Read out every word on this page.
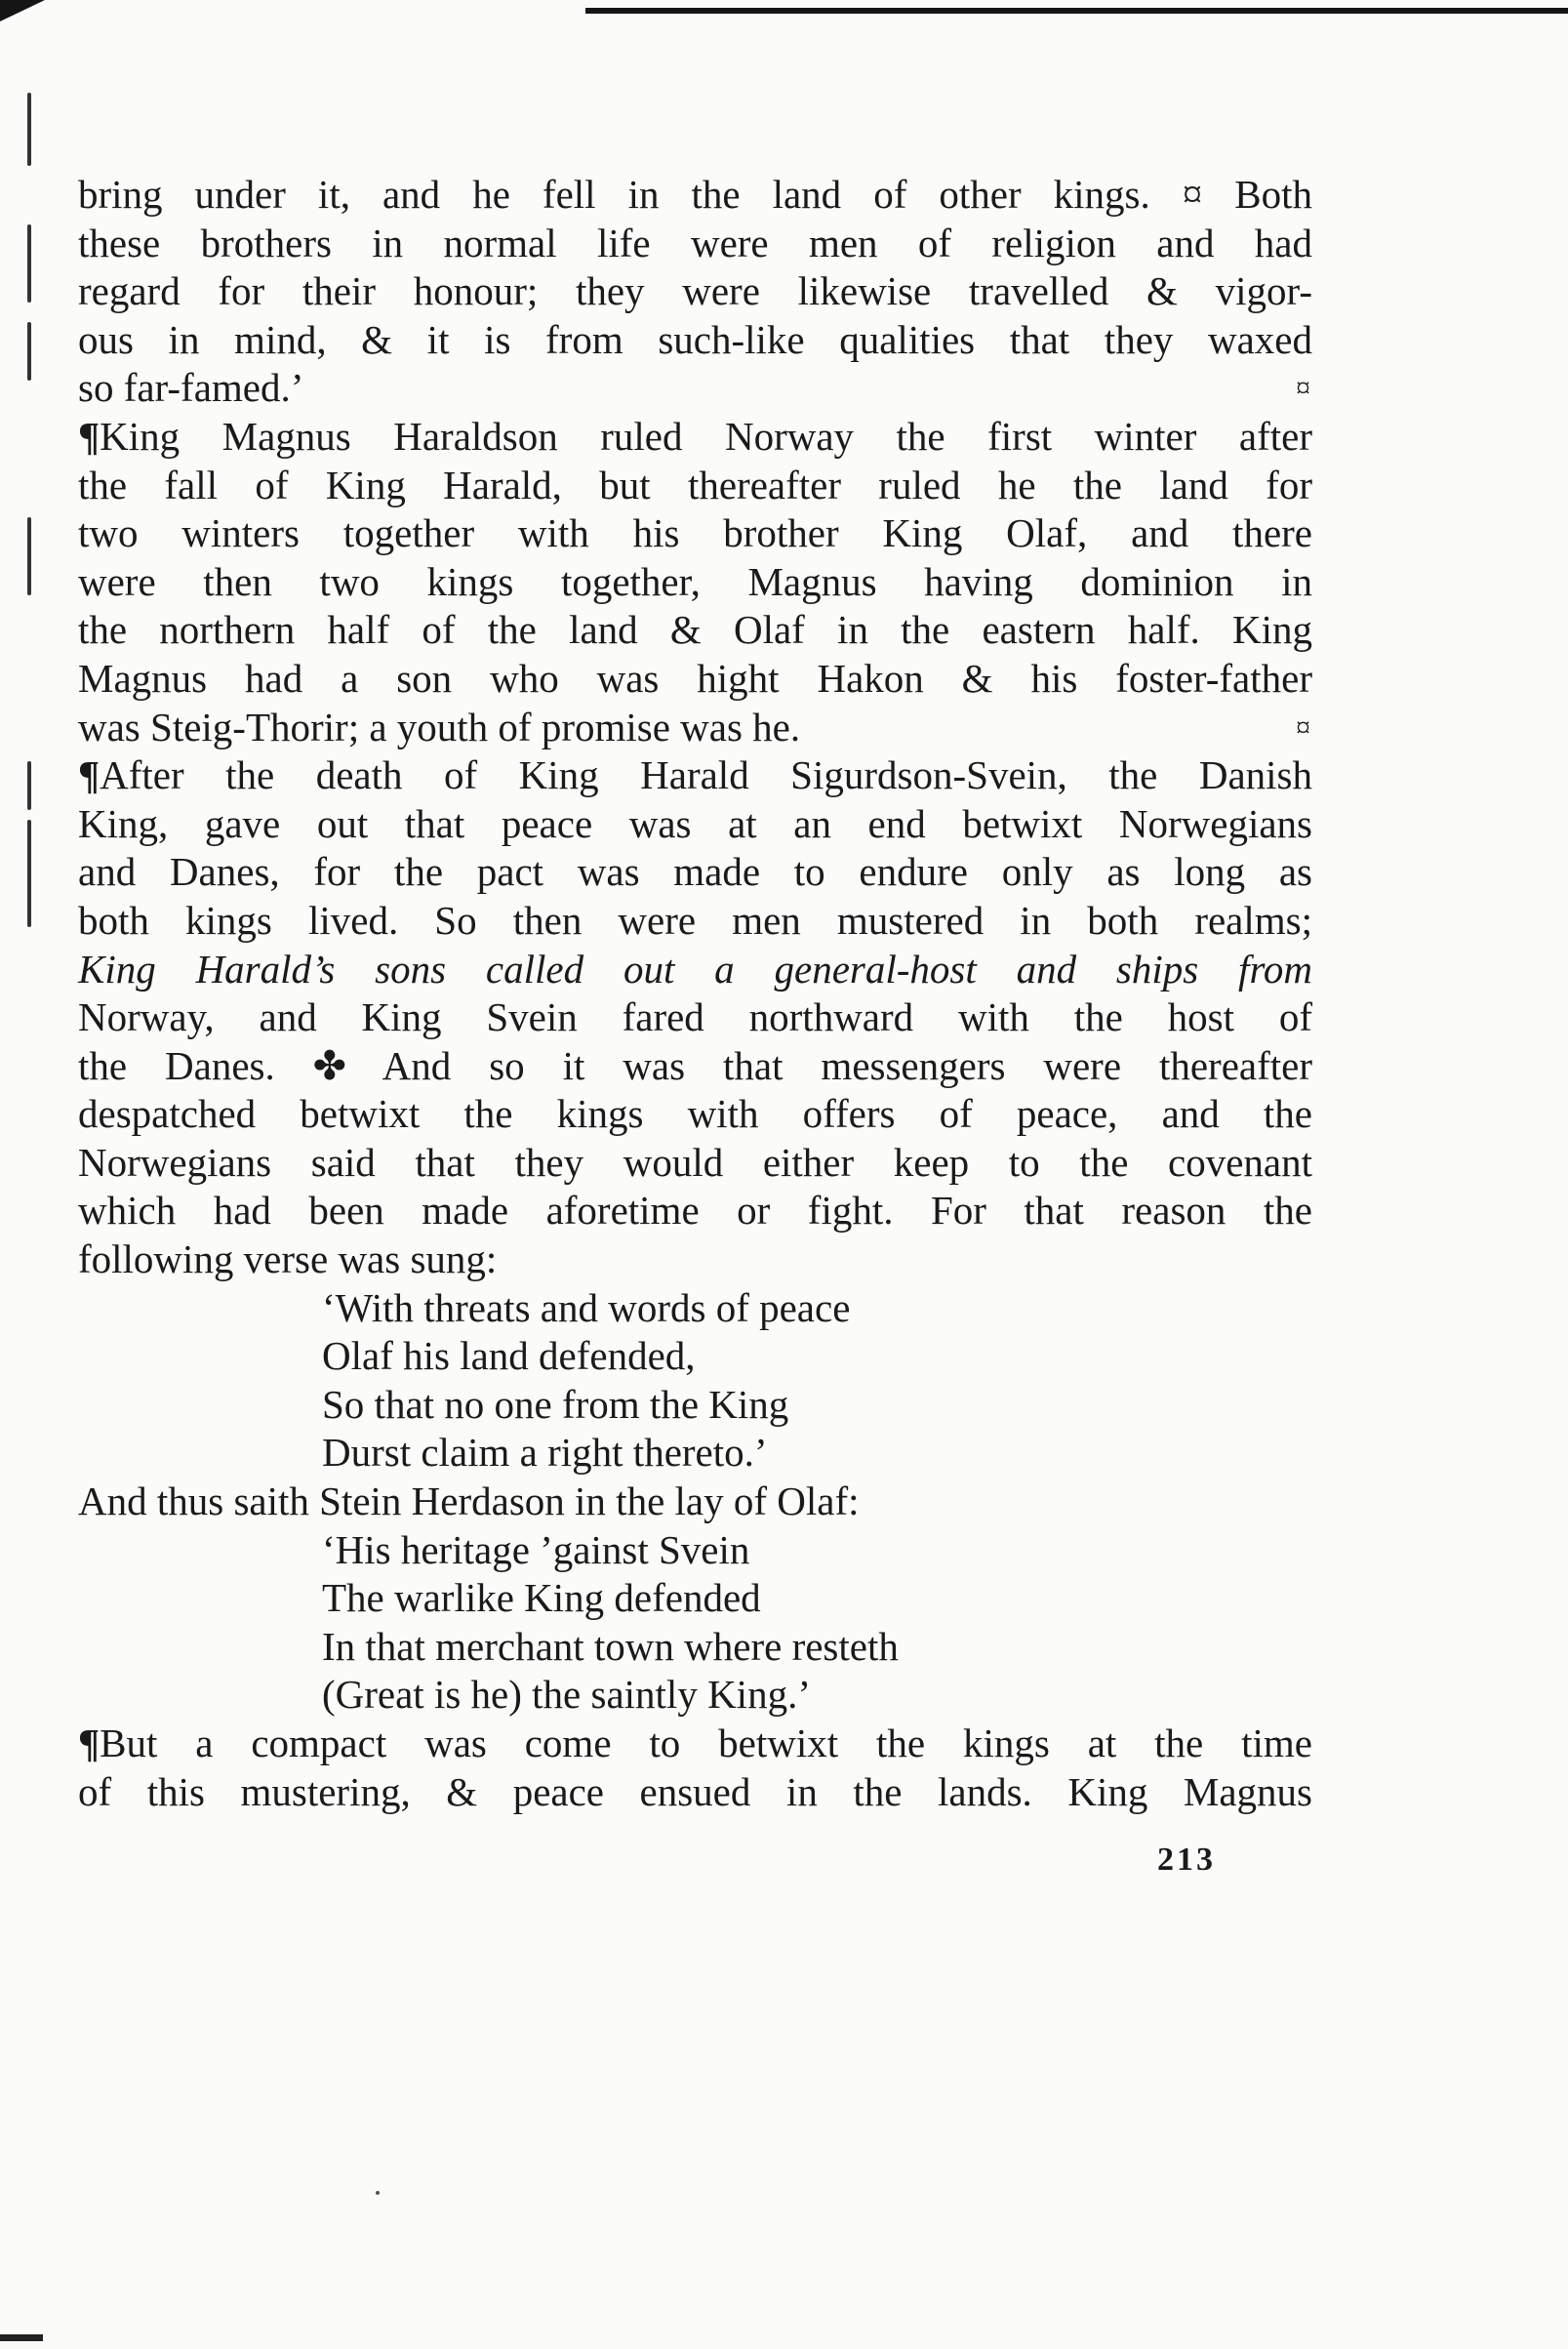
bring under it, and he fell in the land of other kings. ¤ Both
these brothers in normal life were men of religion and had
regard for their honour; they were likewise travelled & vigor-
ous in mind, & it is from such-like qualities that they waxed
so far-famed.’	¤
¶King Magnus Haraldson ruled Norway the first winter after
the fall of King Harald, but thereafter ruled he the land for
two winters together with his brother King Olaf, and there
were then two kings together, Magnus having dominion in
the northern half of the land & Olaf in the eastern half. King
Magnus had a son who was hight Hakon & his foster-father
was Steig-Thorir; a youth of promise was he.	¤
¶After the death of King Harald Sigurdson-Svein, the Danish
King, gave out that peace was at an end betwixt Norwegians
and Danes, for the pact was made to endure only as long as
both kings lived. So then were men mustered in both realms;
King Harald’s sons called out a general-host and ships from
Norway, and King Svein fared northward with the host of
the Danes. ✤ And so it was that messengers were thereafter
despatched betwixt the kings with offers of peace, and the
Norwegians said that they would either keep to the covenant
which had been made aforetime or fight. For that reason the
following verse was sung:
‘With threats and words of peace
Olaf his land defended,
So that no one from the King
Durst claim a right thereto.’
And thus saith Stein Herdason in the lay of Olaf:
‘His heritage ’gainst Svein
The warlike King defended
In that merchant town where resteth
(Great is he) the saintly King.’
¶But a compact was come to betwixt the kings at the time
of this mustering, & peace ensued in the lands. King Magnus
213
